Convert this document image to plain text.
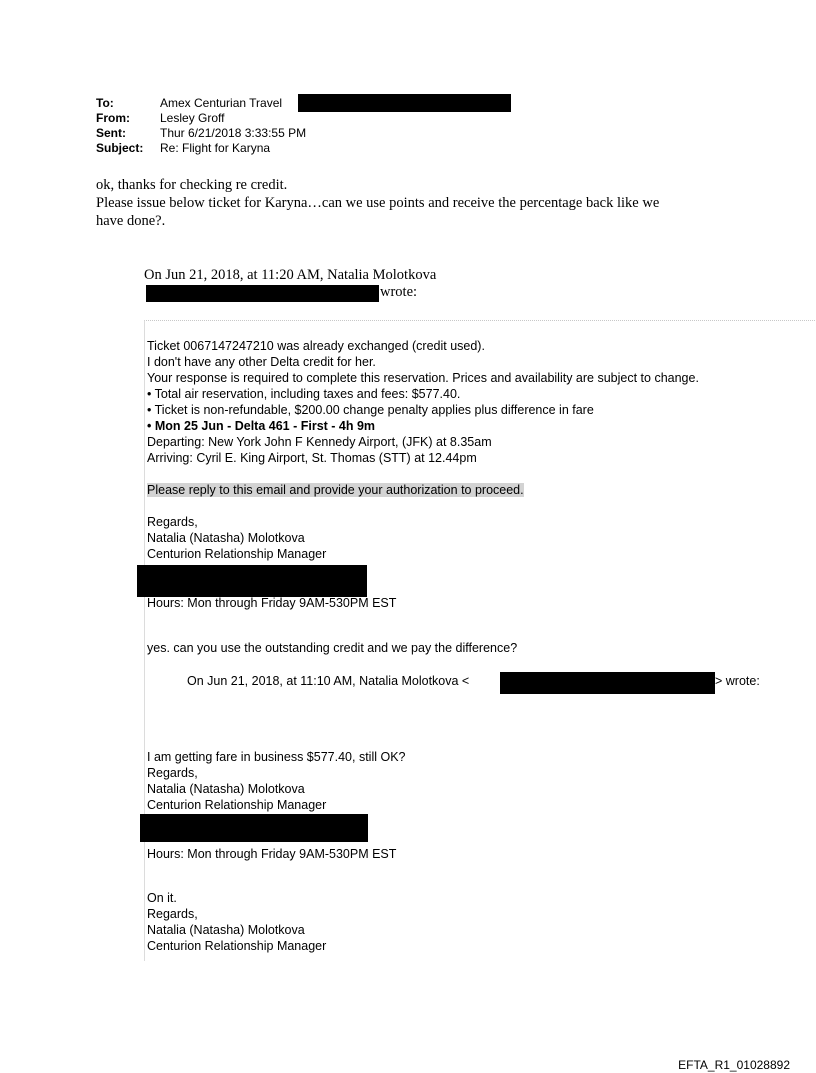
To:	Amex Centurian Travel
From:	Lesley Groff
Sent:	Thur 6/21/2018 3:33:55 PM
Subject:	Re: Flight for Karyna
ok, thanks for checking re credit.
Please issue below ticket for Karyna…can we use points and receive the percentage back like we
have done?.
On Jun 21, 2018, at 11:20 AM, Natalia Molotkova
wrote:
Ticket 0067147247210 was already exchanged (credit used).
I don't have any other Delta credit for her.
Your response is required to complete this reservation. Prices and availability are subject to change.
• Total air reservation, including taxes and fees: $577.40.
• Ticket is non-refundable, $200.00 change penalty applies plus difference in fare
• Mon 25 Jun - Delta 461 - First - 4h 9m
Departing: New York John F Kennedy Airport, (JFK) at 8.35am
Arriving: Cyril E. King Airport, St. Thomas (STT) at 12.44pm
Please reply to this email and provide your authorization to proceed.
Regards,
Natalia (Natasha) Molotkova
Centurion Relationship Manager
Hours: Mon through Friday 9AM-530PM EST
yes. can you use the outstanding credit and we pay the difference?
On Jun 21, 2018, at 11:10 AM, Natalia Molotkova <	> wrote:
I am getting fare in business $577.40, still OK?
Regards,
Natalia (Natasha) Molotkova
Centurion Relationship Manager
Hours: Mon through Friday 9AM-530PM EST
On it.
Regards,
Natalia (Natasha) Molotkova
Centurion Relationship Manager
EFTA_R1_01028892
